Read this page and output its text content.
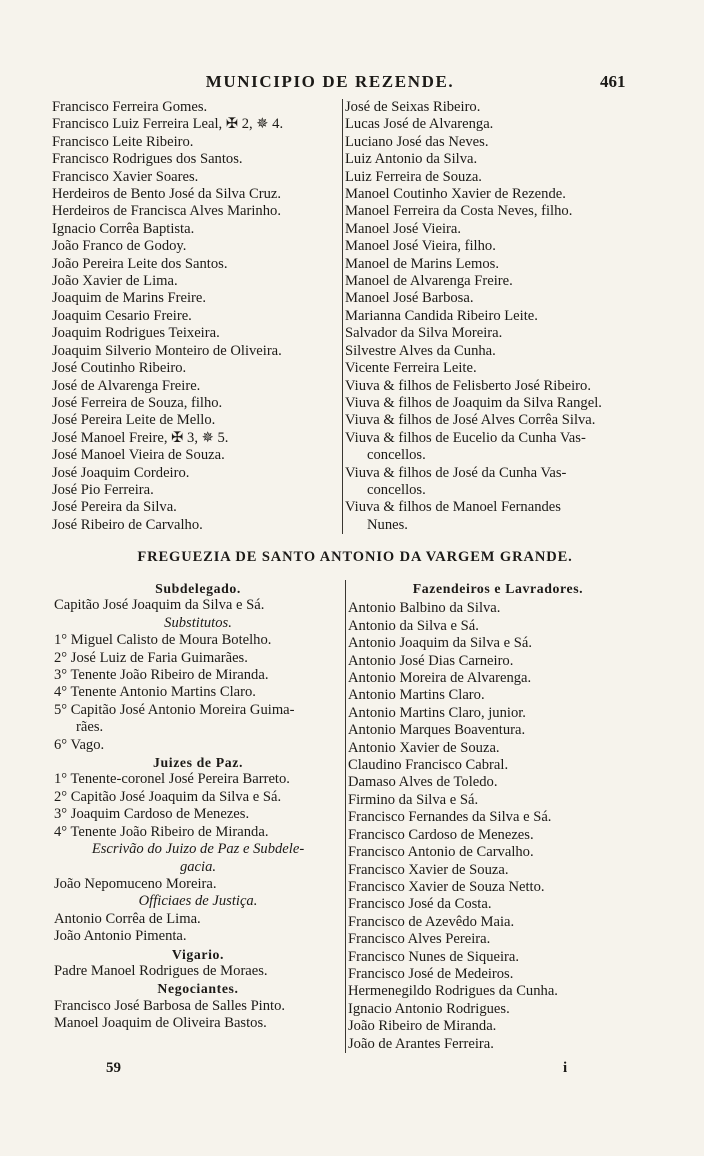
MUNICIPIO DE REZENDE.	461
Francisco Ferreira Gomes.
Francisco Luiz Ferreira Leal, ✠ 2, ✵ 4.
Francisco Leite Ribeiro.
Francisco Rodrigues dos Santos.
Francisco Xavier Soares.
Herdeiros de Bento José da Silva Cruz.
Herdeiros de Francisca Alves Marinho.
Ignacio Corrêa Baptista.
João Franco de Godoy.
João Pereira Leite dos Santos.
João Xavier de Lima.
Joaquim de Marins Freire.
Joaquim Cesario Freire.
Joaquim Rodrigues Teixeira.
Joaquim Silverio Monteiro de Oliveira.
José Coutinho Ribeiro.
José de Alvarenga Freire.
José Ferreira de Souza, filho.
José Pereira Leite de Mello.
José Manoel Freire, ✠ 3, ✵ 5.
José Manoel Vieira de Souza.
José Joaquim Cordeiro.
José Pio Ferreira.
José Pereira da Silva.
José Ribeiro de Carvalho.
José de Seixas Ribeiro.
Lucas José de Alvarenga.
Luciano José das Neves.
Luiz Antonio da Silva.
Luiz Ferreira de Souza.
Manoel Coutinho Xavier de Rezende.
Manoel Ferreira da Costa Neves, filho.
Manoel José Vieira.
Manoel José Vieira, filho.
Manoel de Marins Lemos.
Manoel de Alvarenga Freire.
Manoel José Barbosa.
Marianna Candida Ribeiro Leite.
Salvador da Silva Moreira.
Silvestre Alves da Cunha.
Vicente Ferreira Leite.
Viuva & filhos de Felisberto José Ribeiro.
Viuva & filhos de Joaquim da Silva Rangel.
Viuva & filhos de José Alves Corrêa Silva.
Viuva & filhos de Eucelio da Cunha Vas-
concellos.
Viuva & filhos de José da Cunha Vas-
concellos.
Viuva & filhos de Manoel Fernandes
Nunes.
FREGUEZIA DE SANTO ANTONIO DA VARGEM GRANDE.
Subdelegado.
Capitão José Joaquim da Silva e Sá.
Substitutos.
1° Miguel Calisto de Moura Botelho.
2° José Luiz de Faria Guimarães.
3° Tenente João Ribeiro de Miranda.
4° Tenente Antonio Martins Claro.
5° Capitão José Antonio Moreira Guima-
rães.
6° Vago.
Juizes de Paz.
1° Tenente-coronel José Pereira Barreto.
2° Capitão José Joaquim da Silva e Sá.
3° Joaquim Cardoso de Menezes.
4° Tenente João Ribeiro de Miranda.
Escrivão do Juizo de Paz e Subdele-
gacia.
João Nepomuceno Moreira.
Officiaes de Justiça.
Antonio Corrêa de Lima.
João Antonio Pimenta.
Vigario.
Padre Manoel Rodrigues de Moraes.
Negociantes.
Francisco José Barbosa de Salles Pinto.
Manoel Joaquim de Oliveira Bastos.
Fazendeiros e Lavradores.
Antonio Balbino da Silva.
Antonio da Silva e Sá.
Antonio Joaquim da Silva e Sá.
Antonio José Dias Carneiro.
Antonio Moreira de Alvarenga.
Antonio Martins Claro.
Antonio Martins Claro, junior.
Antonio Marques Boaventura.
Antonio Xavier de Souza.
Claudino Francisco Cabral.
Damaso Alves de Toledo.
Firmino da Silva e Sá.
Francisco Fernandes da Silva e Sá.
Francisco Cardoso de Menezes.
Francisco Antonio de Carvalho.
Francisco Xavier de Souza.
Francisco Xavier de Souza Netto.
Francisco José da Costa.
Francisco de Azevêdo Maia.
Francisco Alves Pereira.
Francisco Nunes de Siqueira.
Francisco José de Medeiros.
Hermenegildo Rodrigues da Cunha.
Ignacio Antonio Rodrigues.
João Ribeiro de Miranda.
João de Arantes Ferreira.
59	i
